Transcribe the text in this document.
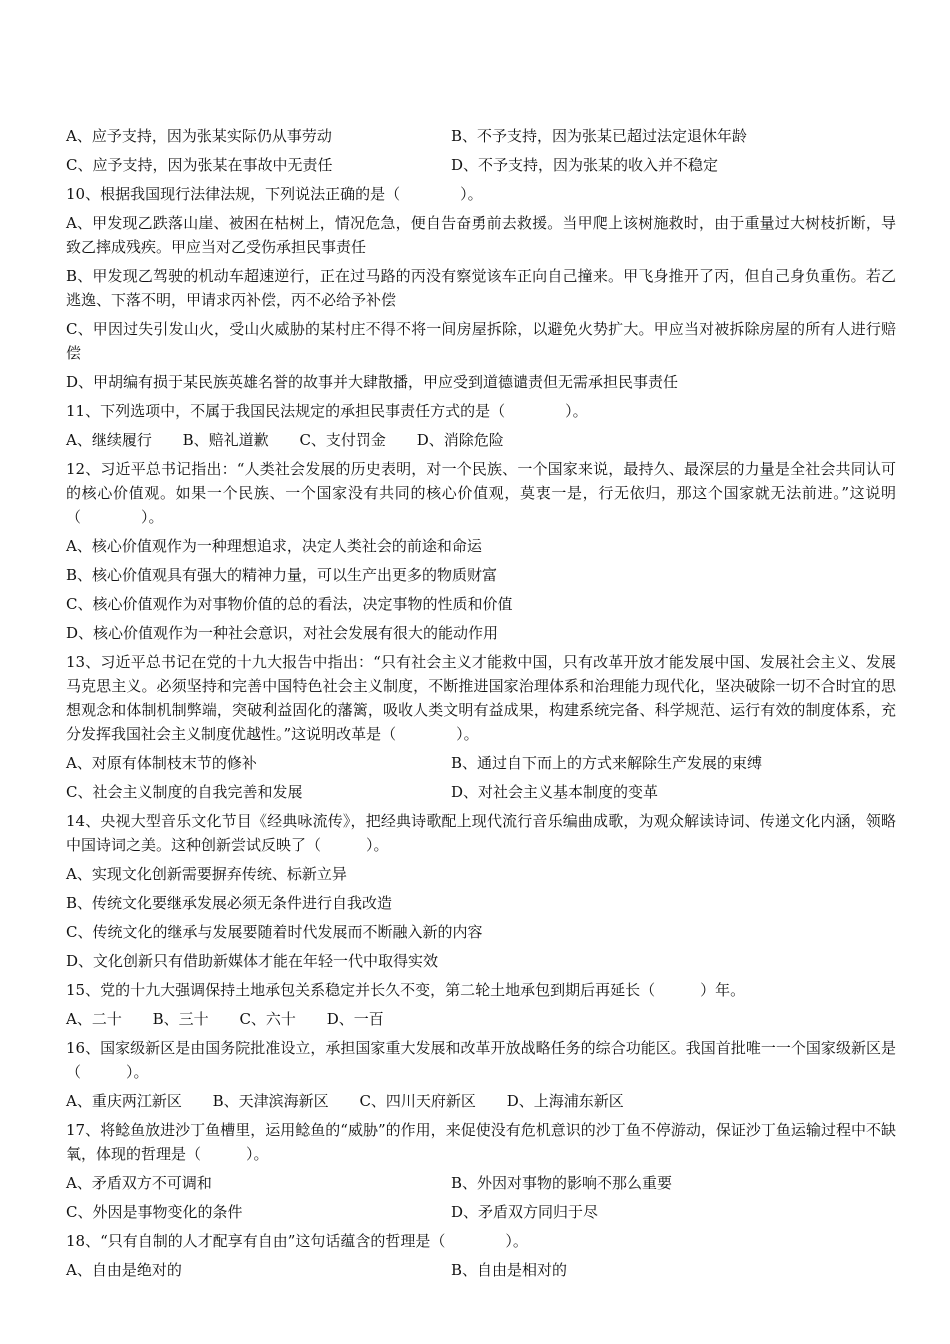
A、应予支持，因为张某实际仍从事劳动	B、不予支持，因为张某已超过法定退休年龄
C、应予支持，因为张某在事故中无责任	D、不予支持，因为张某的收入并不稳定
10、根据我国现行法律法规，下列说法正确的是（　　　　）。
A、甲发现乙跌落山崖、被困在枯树上，情况危急，便自告奋勇前去救援。当甲爬上该树施救时，由于重量过大树枝折断，导致乙摔成残疾。甲应当对乙受伤承担民事责任
B、甲发现乙驾驶的机动车超速逆行，正在过马路的丙没有察觉该车正向自己撞来。甲飞身推开了丙，但自己身负重伤。若乙逃逸、下落不明，甲请求丙补偿，丙不必给予补偿
C、甲因过失引发山火，受山火威胁的某村庄不得不将一间房屋拆除，以避免火势扩大。甲应当对被拆除房屋的所有人进行赔偿
D、甲胡编有损于某民族英雄名誉的故事并大肆散播，甲应受到道德谴责但无需承担民事责任
11、下列选项中，不属于我国民法规定的承担民事责任方式的是（　　　　）。
A、继续履行 B、赔礼道歉 C、支付罚金 D、消除危险
12、习近平总书记指出：“人类社会发展的历史表明，对一个民族、一个国家来说，最持久、最深层的力量是全社会共同认可的核心价值观。如果一个民族、一个国家没有共同的核心价值观，莫衷一是，行无依归，那这个国家就无法前进。”这说明（　　　　）。
A、核心价值观作为一种理想追求，决定人类社会的前途和命运
B、核心价值观具有强大的精神力量，可以生产出更多的物质财富
C、核心价值观作为对事物价值的总的看法，决定事物的性质和价值
D、核心价值观作为一种社会意识，对社会发展有很大的能动作用
13、习近平总书记在党的十九大报告中指出：“只有社会主义才能救中国，只有改革开放才能发展中国、发展社会主义、发展马克思主义。必须坚持和完善中国特色社会主义制度，不断推进国家治理体系和治理能力现代化，坚决破除一切不合时宜的思想观念和体制机制弊端，突破利益固化的藩篱，吸收人类文明有益成果，构建系统完备、科学规范、运行有效的制度体系，充分发挥我国社会主义制度优越性。”这说明改革是（　　　　）。
A、对原有体制枝末节的修补	B、通过自下而上的方式来解除生产发展的束缚
C、社会主义制度的自我完善和发展	D、对社会主义基本制度的变革
14、央视大型音乐文化节目《经典咏流传》，把经典诗歌配上现代流行音乐编曲成歌，为观众解读诗词、传递文化内涵，领略中国诗词之美。这种创新尝试反映了（　　　）。
A、实现文化创新需要摒弃传统、标新立异
B、传统文化要继承发展必须无条件进行自我改造
C、传统文化的继承与发展要随着时代发展而不断融入新的内容
D、文化创新只有借助新媒体才能在年轻一代中取得实效
15、党的十九大强调保持土地承包关系稳定并长久不变，第二轮土地承包到期后再延长（　　　）年。
A、二十 B、三十 C、六十 D、一百
16、国家级新区是由国务院批准设立，承担国家重大发展和改革开放战略任务的综合功能区。我国首批唯一一个国家级新区是（　　　）。
A、重庆两江新区 B、天津滨海新区 C、四川天府新区 D、上海浦东新区
17、将鲶鱼放进沙丁鱼槽里，运用鲶鱼的“威胁”的作用，来促使没有危机意识的沙丁鱼不停游动，保证沙丁鱼运输过程中不缺氧，体现的哲理是（　　　）。
A、矛盾双方不可调和	B、外因对事物的影响不那么重要
C、外因是事物变化的条件	D、矛盾双方同归于尽
18、“只有自制的人才配享有自由”这句话蕴含的哲理是（　　　　）。
A、自由是绝对的	B、自由是相对的
